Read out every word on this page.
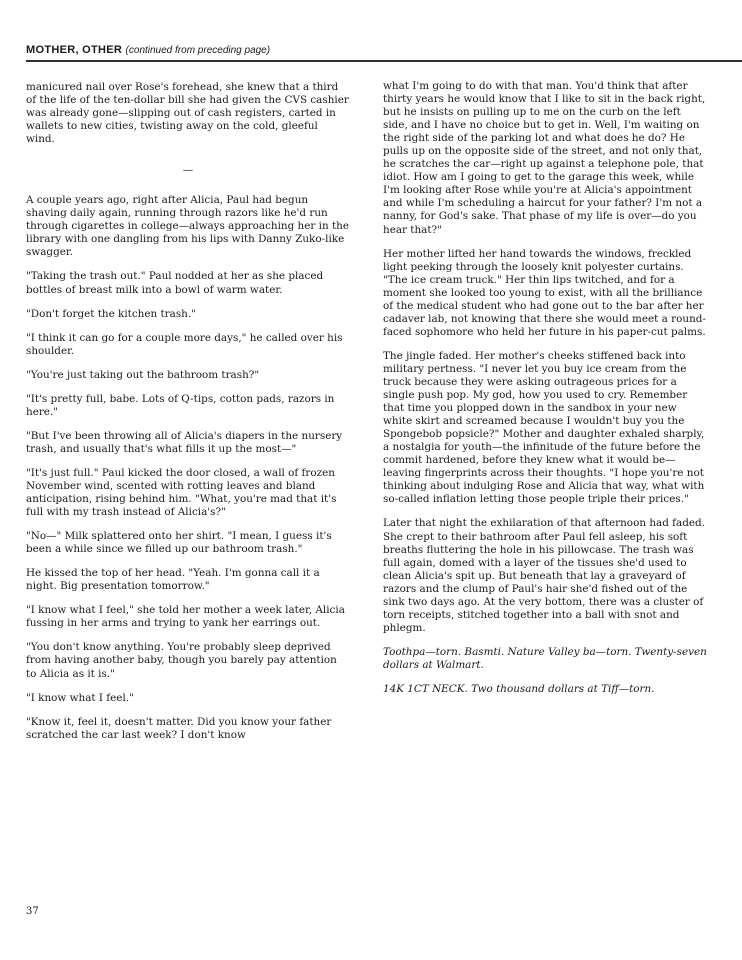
MOTHER, OTHER (continued from preceding page)

manicured nail over Rose's forehead, she knew that a third of the life of the ten-dollar bill she had given the CVS cashier was already gone—slipping out of cash registers, carted in wallets to new cities, twisting away on the cold, gleeful wind.

—

A couple years ago, right after Alicia, Paul had begun shaving daily again, running through razors like he'd run through cigarettes in college—always approaching her in the library with one dangling from his lips with Danny Zuko-like swagger.

"Taking the trash out." Paul nodded at her as she placed bottles of breast milk into a bowl of warm water.

"Don't forget the kitchen trash."

"I think it can go for a couple more days," he called over his shoulder.

"You're just taking out the bathroom trash?"

"It's pretty full, babe. Lots of Q-tips, cotton pads, razors in here."

"But I've been throwing all of Alicia's diapers in the nursery trash, and usually that's what fills it up the most—"

"It's just full." Paul kicked the door closed, a wall of frozen November wind, scented with rotting leaves and bland anticipation, rising behind him. "What, you're mad that it's full with my trash instead of Alicia's?"

"No—" Milk splattered onto her shirt. "I mean, I guess it's been a while since we filled up our bathroom trash."

He kissed the top of her head. "Yeah. I'm gonna call it a night. Big presentation tomorrow."

"I know what I feel," she told her mother a week later, Alicia fussing in her arms and trying to yank her earrings out.

"You don't know anything. You're probably sleep deprived from having another baby, though you barely pay attention to Alicia as it is."

"I know what I feel."

"Know it, feel it, doesn't matter. Did you know your father scratched the car last week? I don't know

what I'm going to do with that man. You'd think that after thirty years he would know that I like to sit in the back right, but he insists on pulling up to me on the curb on the left side, and I have no choice but to get in. Well, I'm waiting on the right side of the parking lot and what does he do? He pulls up on the opposite side of the street, and not only that, he scratches the car—right up against a telephone pole, that idiot. How am I going to get to the garage this week, while I'm looking after Rose while you're at Alicia's appointment and while I'm scheduling a haircut for your father? I'm not a nanny, for God's sake. That phase of my life is over—do you hear that?"

Her mother lifted her hand towards the windows, freckled light peeking through the loosely knit polyester curtains. "The ice cream truck." Her thin lips twitched, and for a moment she looked too young to exist, with all the brilliance of the medical student who had gone out to the bar after her cadaver lab, not knowing that there she would meet a round-faced sophomore who held her future in his paper-cut palms.

The jingle faded. Her mother's cheeks stiffened back into military pertness. "I never let you buy ice cream from the truck because they were asking outrageous prices for a single push pop. My god, how you used to cry. Remember that time you plopped down in the sandbox in your new white skirt and screamed because I wouldn't buy you the Spongebob popsicle?" Mother and daughter exhaled sharply, a nostalgia for youth—the infinitude of the future before the commit hardened, before they knew what it would be—leaving fingerprints across their thoughts. "I hope you're not thinking about indulging Rose and Alicia that way, what with so-called inflation letting those people triple their prices."

Later that night the exhilaration of that afternoon had faded. She crept to their bathroom after Paul fell asleep, his soft breaths fluttering the hole in his pillowcase. The trash was full again, domed with a layer of the tissues she'd used to clean Alicia's spit up. But beneath that lay a graveyard of razors and the clump of Paul's hair she'd fished out of the sink two days ago. At the very bottom, there was a cluster of torn receipts, stitched together into a ball with snot and phlegm.

Toothpa—torn. Basmti. Nature Valley ba—torn. Twenty-seven dollars at Walmart.

14K 1CT NECK. Two thousand dollars at Tiff—torn.

37
